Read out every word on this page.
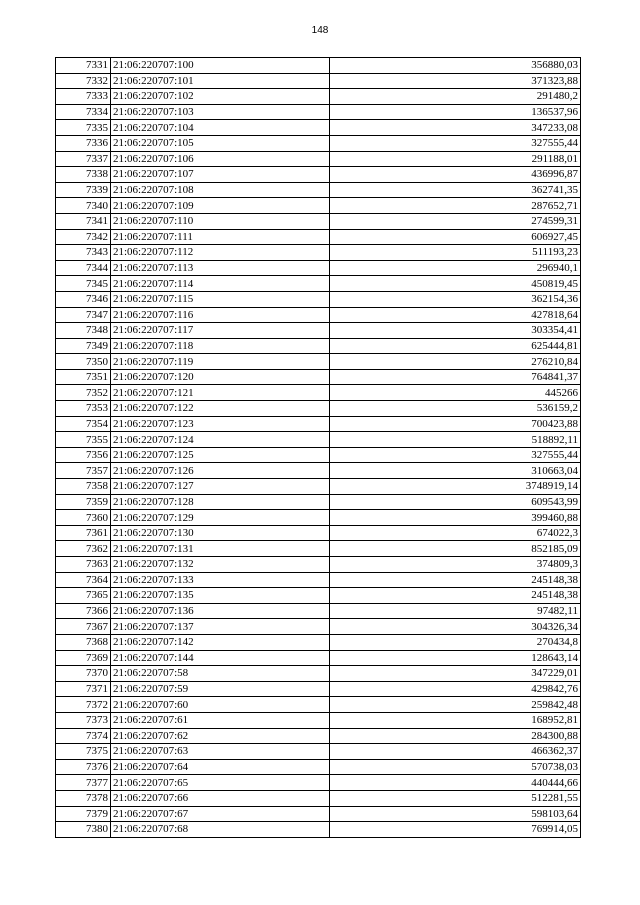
148
7331	21:06:220707:100	356880,03
7332	21:06:220707:101	371323,88
7333	21:06:220707:102	291480,2
7334	21:06:220707:103	136537,96
7335	21:06:220707:104	347233,08
7336	21:06:220707:105	327555,44
7337	21:06:220707:106	291188,01
7338	21:06:220707:107	436996,87
7339	21:06:220707:108	362741,35
7340	21:06:220707:109	287652,71
7341	21:06:220707:110	274599,31
7342	21:06:220707:111	606927,45
7343	21:06:220707:112	511193,23
7344	21:06:220707:113	296940,1
7345	21:06:220707:114	450819,45
7346	21:06:220707:115	362154,36
7347	21:06:220707:116	427818,64
7348	21:06:220707:117	303354,41
7349	21:06:220707:118	625444,81
7350	21:06:220707:119	276210,84
7351	21:06:220707:120	764841,37
7352	21:06:220707:121	445266
7353	21:06:220707:122	536159,2
7354	21:06:220707:123	700423,88
7355	21:06:220707:124	518892,11
7356	21:06:220707:125	327555,44
7357	21:06:220707:126	310663,04
7358	21:06:220707:127	3748919,14
7359	21:06:220707:128	609543,99
7360	21:06:220707:129	399460,88
7361	21:06:220707:130	674022,3
7362	21:06:220707:131	852185,09
7363	21:06:220707:132	374809,3
7364	21:06:220707:133	245148,38
7365	21:06:220707:135	245148,38
7366	21:06:220707:136	97482,11
7367	21:06:220707:137	304326,34
7368	21:06:220707:142	270434,8
7369	21:06:220707:144	128643,14
7370	21:06:220707:58	347229,01
7371	21:06:220707:59	429842,76
7372	21:06:220707:60	259842,48
7373	21:06:220707:61	168952,81
7374	21:06:220707:62	284300,88
7375	21:06:220707:63	466362,37
7376	21:06:220707:64	570738,03
7377	21:06:220707:65	440444,66
7378	21:06:220707:66	512281,55
7379	21:06:220707:67	598103,64
7380	21:06:220707:68	769914,05
